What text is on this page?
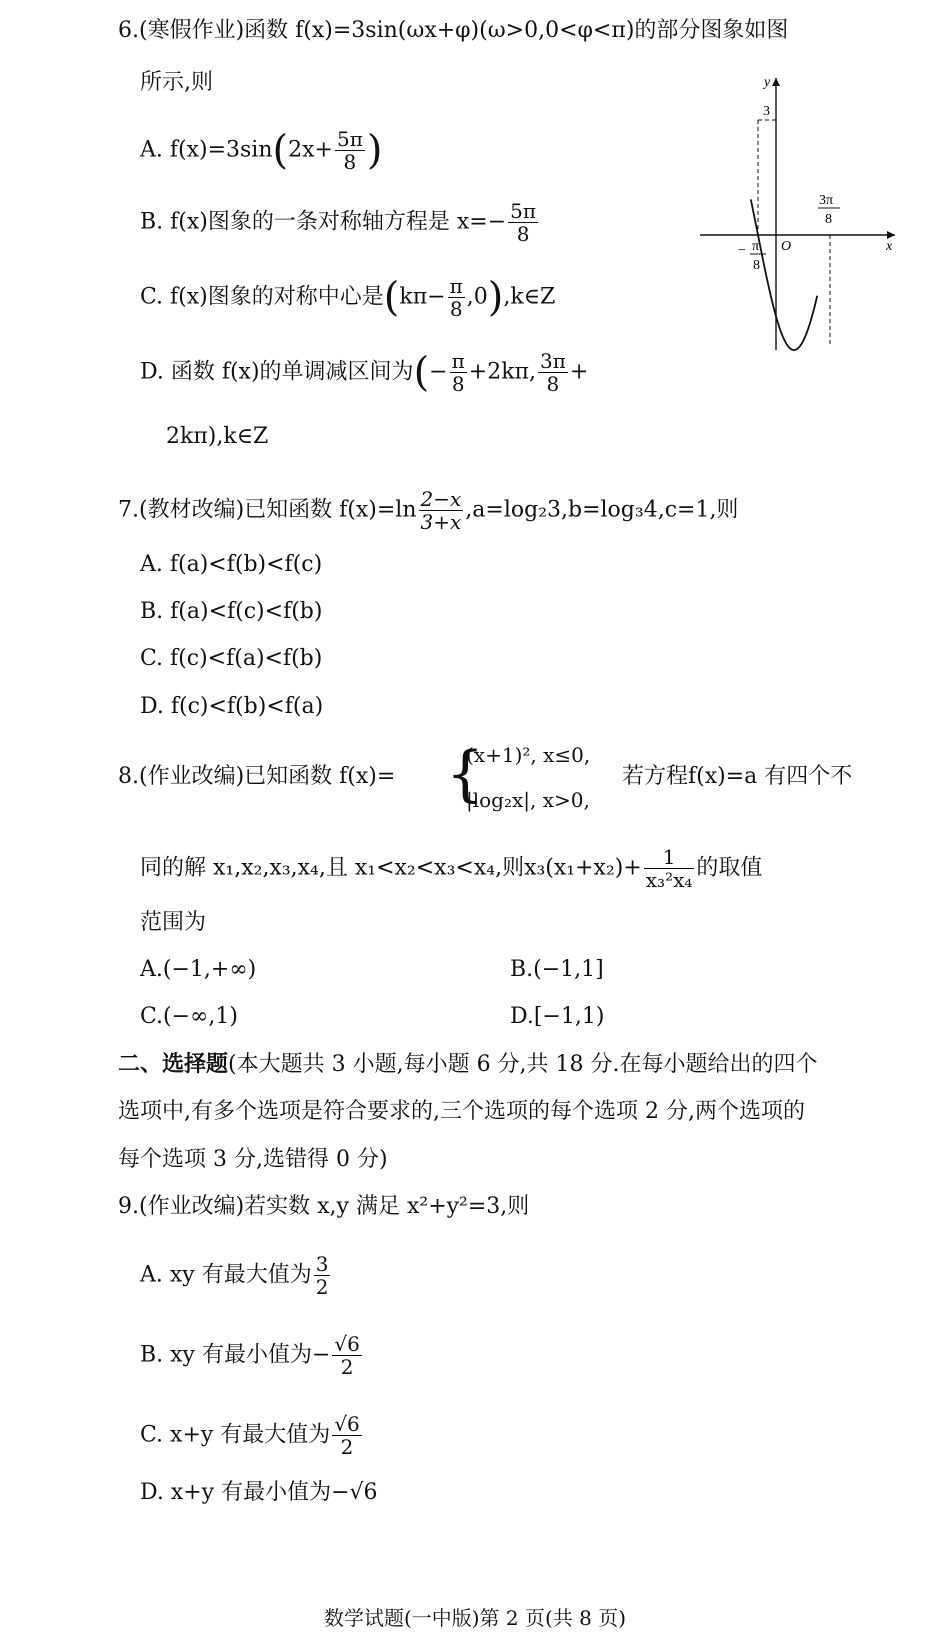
6.(寒假作业)函数 f(x)=3sin(ωx+φ)(ω>0,0<φ<π)的部分图象如图
所示,则
A. $f(x)=3\sin(2x+ \frac{5\pi}{8}$ )
B. f(x)图象的一条对称轴方程是 $x=- \frac{5\pi}{8}$
C. f(x)图象的对称中心是($k\pi- \frac{\pi}{8}$ ,0),k∈Z
D. 函数 f(x)的单调减区间为(− $\frac{\pi}{8} +2k\pi$, $\frac{3\pi}{8}$ +
2kπ),k∈Z
y
x
O
3
− π
8
3π
8
7.(教材改编)已知函数 $f(x)=\ln \frac{2-x}{3+x} ,a=\log_23,b=\log_34,c=1$,则
A. f(a)<f(b)<f(c)
B. f(a)<f(c)<f(b)
C. f(c)<f(a)<f(b)
D. f(c)<f(b)<f(a)
8.(作业改编)已知函数 f(x)= {
(x+1)², x≤0,
|log₂x|, x>0,
若方程f(x)=a 有四个不
同的解 x₁,x₂,x₃,x₄,且 x₁<x₂<x₃<x₄,则$x_3(x_1+x_2)+ \frac{1}{\text{x₃²x₄}}$ 的取值
范围为
A.(−1,+∞)	B.(−1,1]
C.(−∞,1)	D.[−1,1)
二、选择题(本大题共 3 小题,每小题 6 分,共 18 分.在每小题给出的四个
选项中,有多个选项是符合要求的,三个选项的每个选项 2 分,两个选项的
每个选项 3 分,选错得 0 分)
9.(作业改编)若实数 x,y 满足 x²+y²=3,则
A. xy 有最大值为 $\frac{3}{2}$
B. xy 有最小值为− $\frac{√6}{2}$
C. x+y 有最大值为 $\frac{√6}{2}$
D. x+y 有最小值为−√6
数学试题(一中版)第 2 页(共 8 页)
